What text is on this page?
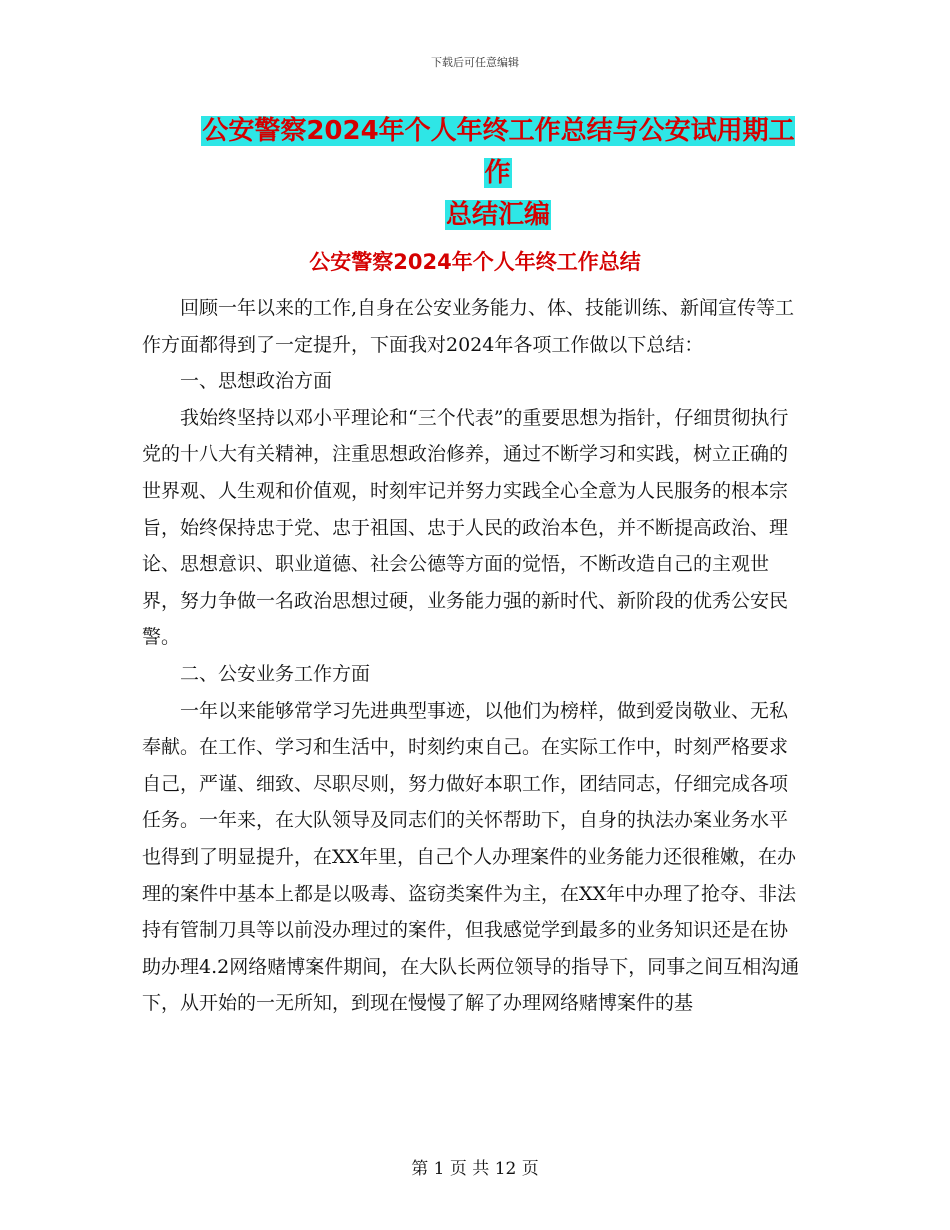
下载后可任意编辑
公安警察2024年个人年终工作总结与公安试用期工作
总结汇编
公安警察2024年个人年终工作总结

回顾一年以来的工作,自身在公安业务能力、体、技能训练、新闻宣传等工作方面都得到了一定提升，下面我对2024年各项工作做以下总结：

一、思想政治方面

我始终坚持以邓小平理论和“三个代表”的重要思想为指针，仔细贯彻执行党的十八大有关精神，注重思想政治修养，通过不断学习和实践，树立正确的世界观、人生观和价值观，时刻牢记并努力实践全心全意为人民服务的根本宗旨，始终保持忠于党、忠于祖国、忠于人民的政治本色，并不断提高政治、理论、思想意识、职业道德、社会公德等方面的觉悟，不断改造自己的主观世界，努力争做一名政治思想过硬，业务能力强的新时代、新阶段的优秀公安民警。

二、公安业务工作方面

一年以来能够常学习先进典型事迹，以他们为榜样，做到爱岗敬业、无私奉献。在工作、学习和生活中，时刻约束自己。在实际工作中，时刻严格要求自己，严谨、细致、尽职尽则，努力做好本职工作，团结同志，仔细完成各项任务。一年来，在大队领导及同志们的关怀帮助下，自身的执法办案业务水平也得到了明显提升，在XX年里，自己个人办理案件的业务能力还很稚嫩，在办理的案件中基本上都是以吸毒、盗窃类案件为主，在XX年中办理了抢夺、非法持有管制刀具等以前没办理过的案件，但我感觉学到最多的业务知识还是在协助办理4.2网络赌博案件期间，在大队长两位领导的指导下，同事之间互相沟通下，从开始的一无所知，到现在慢慢了解了办理网络赌博案件的基

第 1 页 共 12 页
